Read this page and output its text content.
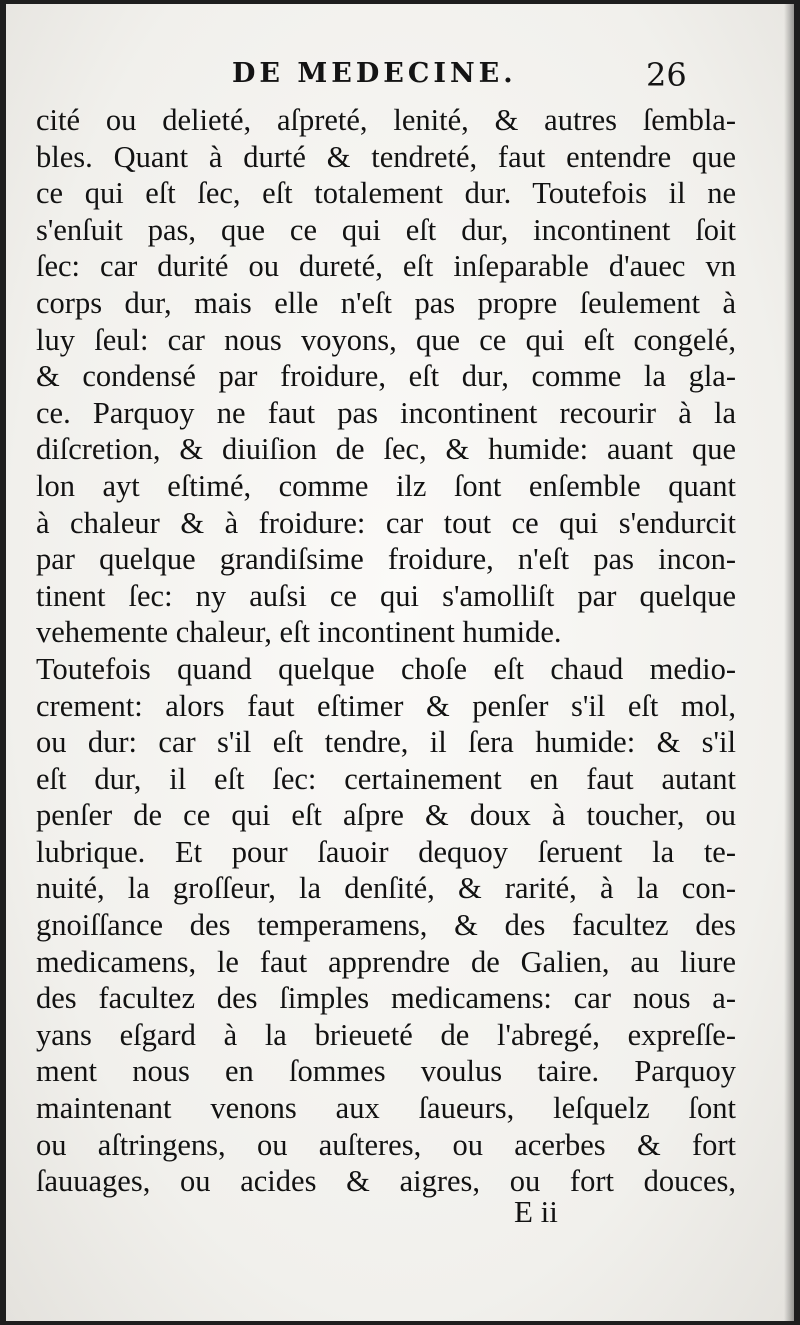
DE MEDECINE.	26
cité ou delieté, aſpreté, lenité, & autres ſembla-
bles. Quant à durté & tendreté, faut entendre que
ce qui eſt ſec, eſt totalement dur. Toutefois il ne
s'enſuit pas, que ce qui eſt dur, incontinent ſoit
ſec: car durité ou dureté, eſt inſeparable d'auec vn
corps dur, mais elle n'eſt pas propre ſeulement à
luy ſeul: car nous voyons, que ce qui eſt congelé,
& condensé par froidure, eſt dur, comme la gla-
ce. Parquoy ne faut pas incontinent recourir à la
diſcretion, & diuiſion de ſec, & humide: auant que
lon ayt eſtimé, comme ilz ſont enſemble quant
à chaleur & à froidure: car tout ce qui s'endurcit
par quelque grandiſsime froidure, n'eſt pas incon-
tinent ſec: ny auſsi ce qui s'amolliſt par quelque
vehemente chaleur, eſt incontinent humide.
Toutefois quand quelque choſe eſt chaud medio-
crement: alors faut eſtimer & penſer s'il eſt mol,
ou dur: car s'il eſt tendre, il ſera humide: & s'il
eſt dur, il eſt ſec: certainement en faut autant
penſer de ce qui eſt aſpre & doux à toucher, ou
lubrique. Et pour ſauoir dequoy ſeruent la te-
nuité, la groſſeur, la denſité, & rarité, à la con-
gnoiſſance des temperamens, & des facultez des
medicamens, le faut apprendre de Galien, au liure
des facultez des ſimples medicamens: car nous a-
yans eſgard à la brieueté de l'abregé, expreſſe-
ment nous en ſommes voulus taire. Parquoy
maintenant venons aux ſaueurs, leſquelz ſont
ou aſtringens, ou auſteres, ou acerbes & fort
ſauuages, ou acides & aigres, ou fort douces,
E ii
